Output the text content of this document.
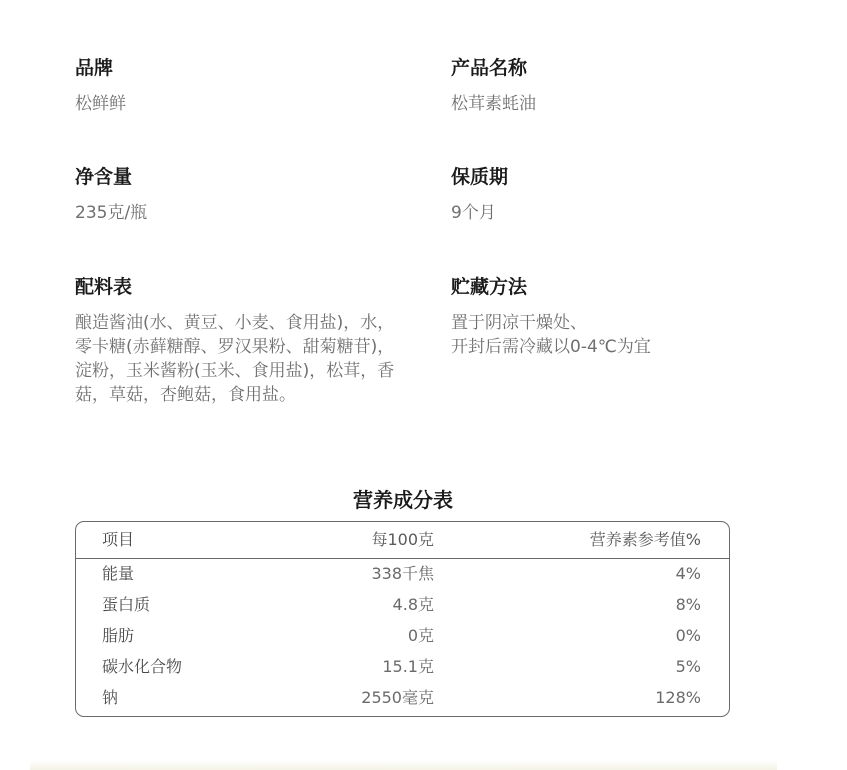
品牌
松鲜鲜
产品名称
松茸素蚝油
净含量
235克/瓶
保质期
9个月
配料表
酿造酱油(水、黄豆、小麦、食用盐)，水，零卡糖(赤藓糖醇、罗汉果粉、甜菊糖苷)，淀粉，玉米酱粉(玉米、食用盐)，松茸，香菇，草菇，杏鲍菇，食用盐。
贮藏方法
置于阴凉干燥处、
开封后需冷藏以0-4℃为宜
营养成分表
项目	每100克	营养素参考值%
能量	338千焦	4%
蛋白质	4.8克	8%
脂肪	0克	0%
碳水化合物	15.1克	5%
钠	2550毫克	128%
